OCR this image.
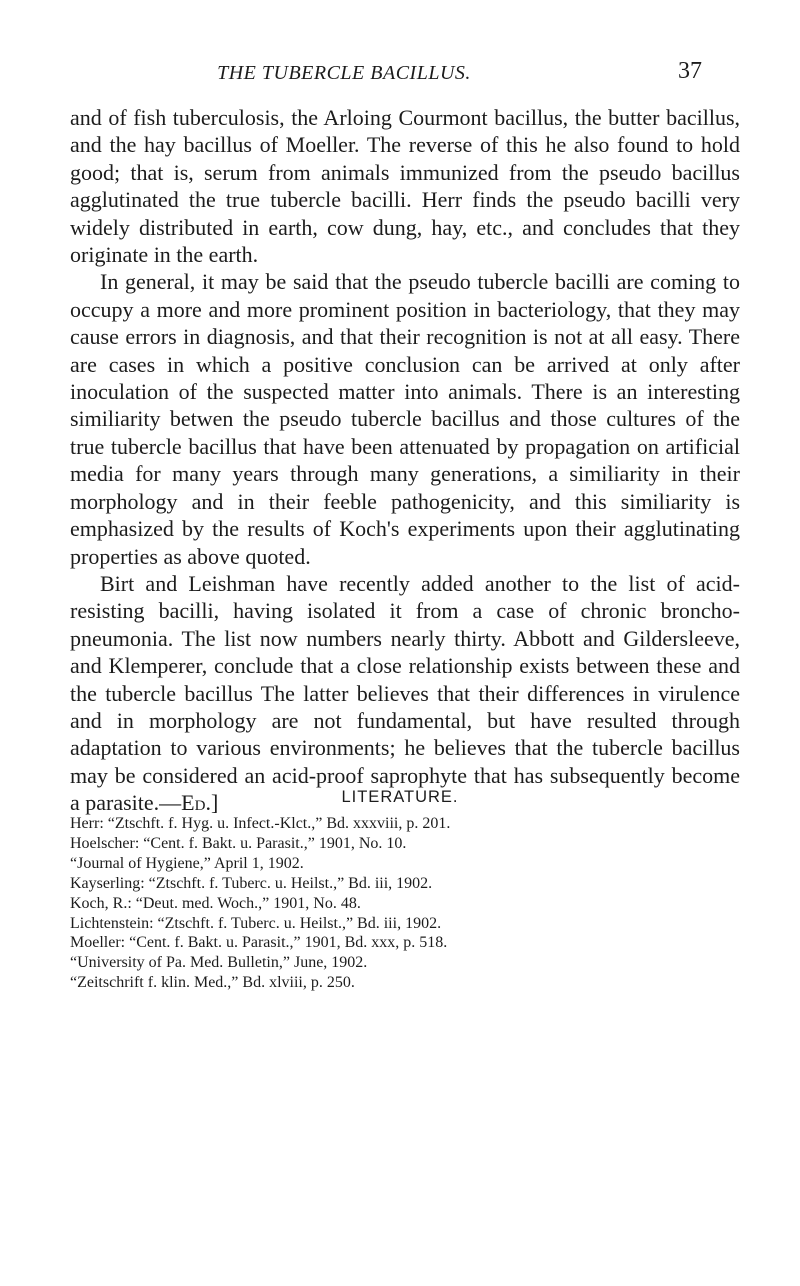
THE TUBERCLE BACILLUS.	37

and of fish tuberculosis, the Arloing Courmont bacillus, the butter bacillus, and the hay bacillus of Moeller. The reverse of this he also found to hold good; that is, serum from animals immunized from the pseudo bacillus agglutinated the true tubercle bacilli. Herr finds the pseudo bacilli very widely distributed in earth, cow dung, hay, etc., and concludes that they originate in the earth.

In general, it may be said that the pseudo tubercle bacilli are coming to occupy a more and more prominent position in bacteriology, that they may cause errors in diagnosis, and that their recognition is not at all easy. There are cases in which a positive conclusion can be arrived at only after inoculation of the suspected matter into animals. There is an interesting similiarity betwen the pseudo tubercle bacillus and those cultures of the true tubercle bacillus that have been attenuated by propagation on artificial media for many years through many generations, a similiarity in their morphology and in their feeble pathogenicity, and this similiarity is emphasized by the results of Koch's experiments upon their agglutinating properties as above quoted.

Birt and Leishman have recently added another to the list of acid-resisting bacilli, having isolated it from a case of chronic broncho-pneumonia. The list now numbers nearly thirty. Abbott and Gildersleeve, and Klemperer, conclude that a close relationship exists between these and the tubercle bacillus The latter believes that their differences in virulence and in morphology are not fundamental, but have resulted through adaptation to various environments; he believes that the tubercle bacillus may be considered an acid-proof saprophyte that has subsequently become a parasite.—Ed.]	LITERATURE.
Herr: “Ztschft. f. Hyg. u. Infect.-Klct.,” Bd. xxxviii, p. 201.
Hoelscher: “Cent. f. Bakt. u. Parasit.,” 1901, No. 10.
“Journal of Hygiene,” April 1, 1902.
Kayserling: “Ztschft. f. Tuberc. u. Heilst.,” Bd. iii, 1902.
Koch, R.: “Deut. med. Woch.,” 1901, No. 48.
Lichtenstein: “Ztschft. f. Tuberc. u. Heilst.,” Bd. iii, 1902.
Moeller: “Cent. f. Bakt. u. Parasit.,” 1901, Bd. xxx, p. 518.
“University of Pa. Med. Bulletin,” June, 1902.
“Zeitschrift f. klin. Med.,” Bd. xlviii, p. 250.
